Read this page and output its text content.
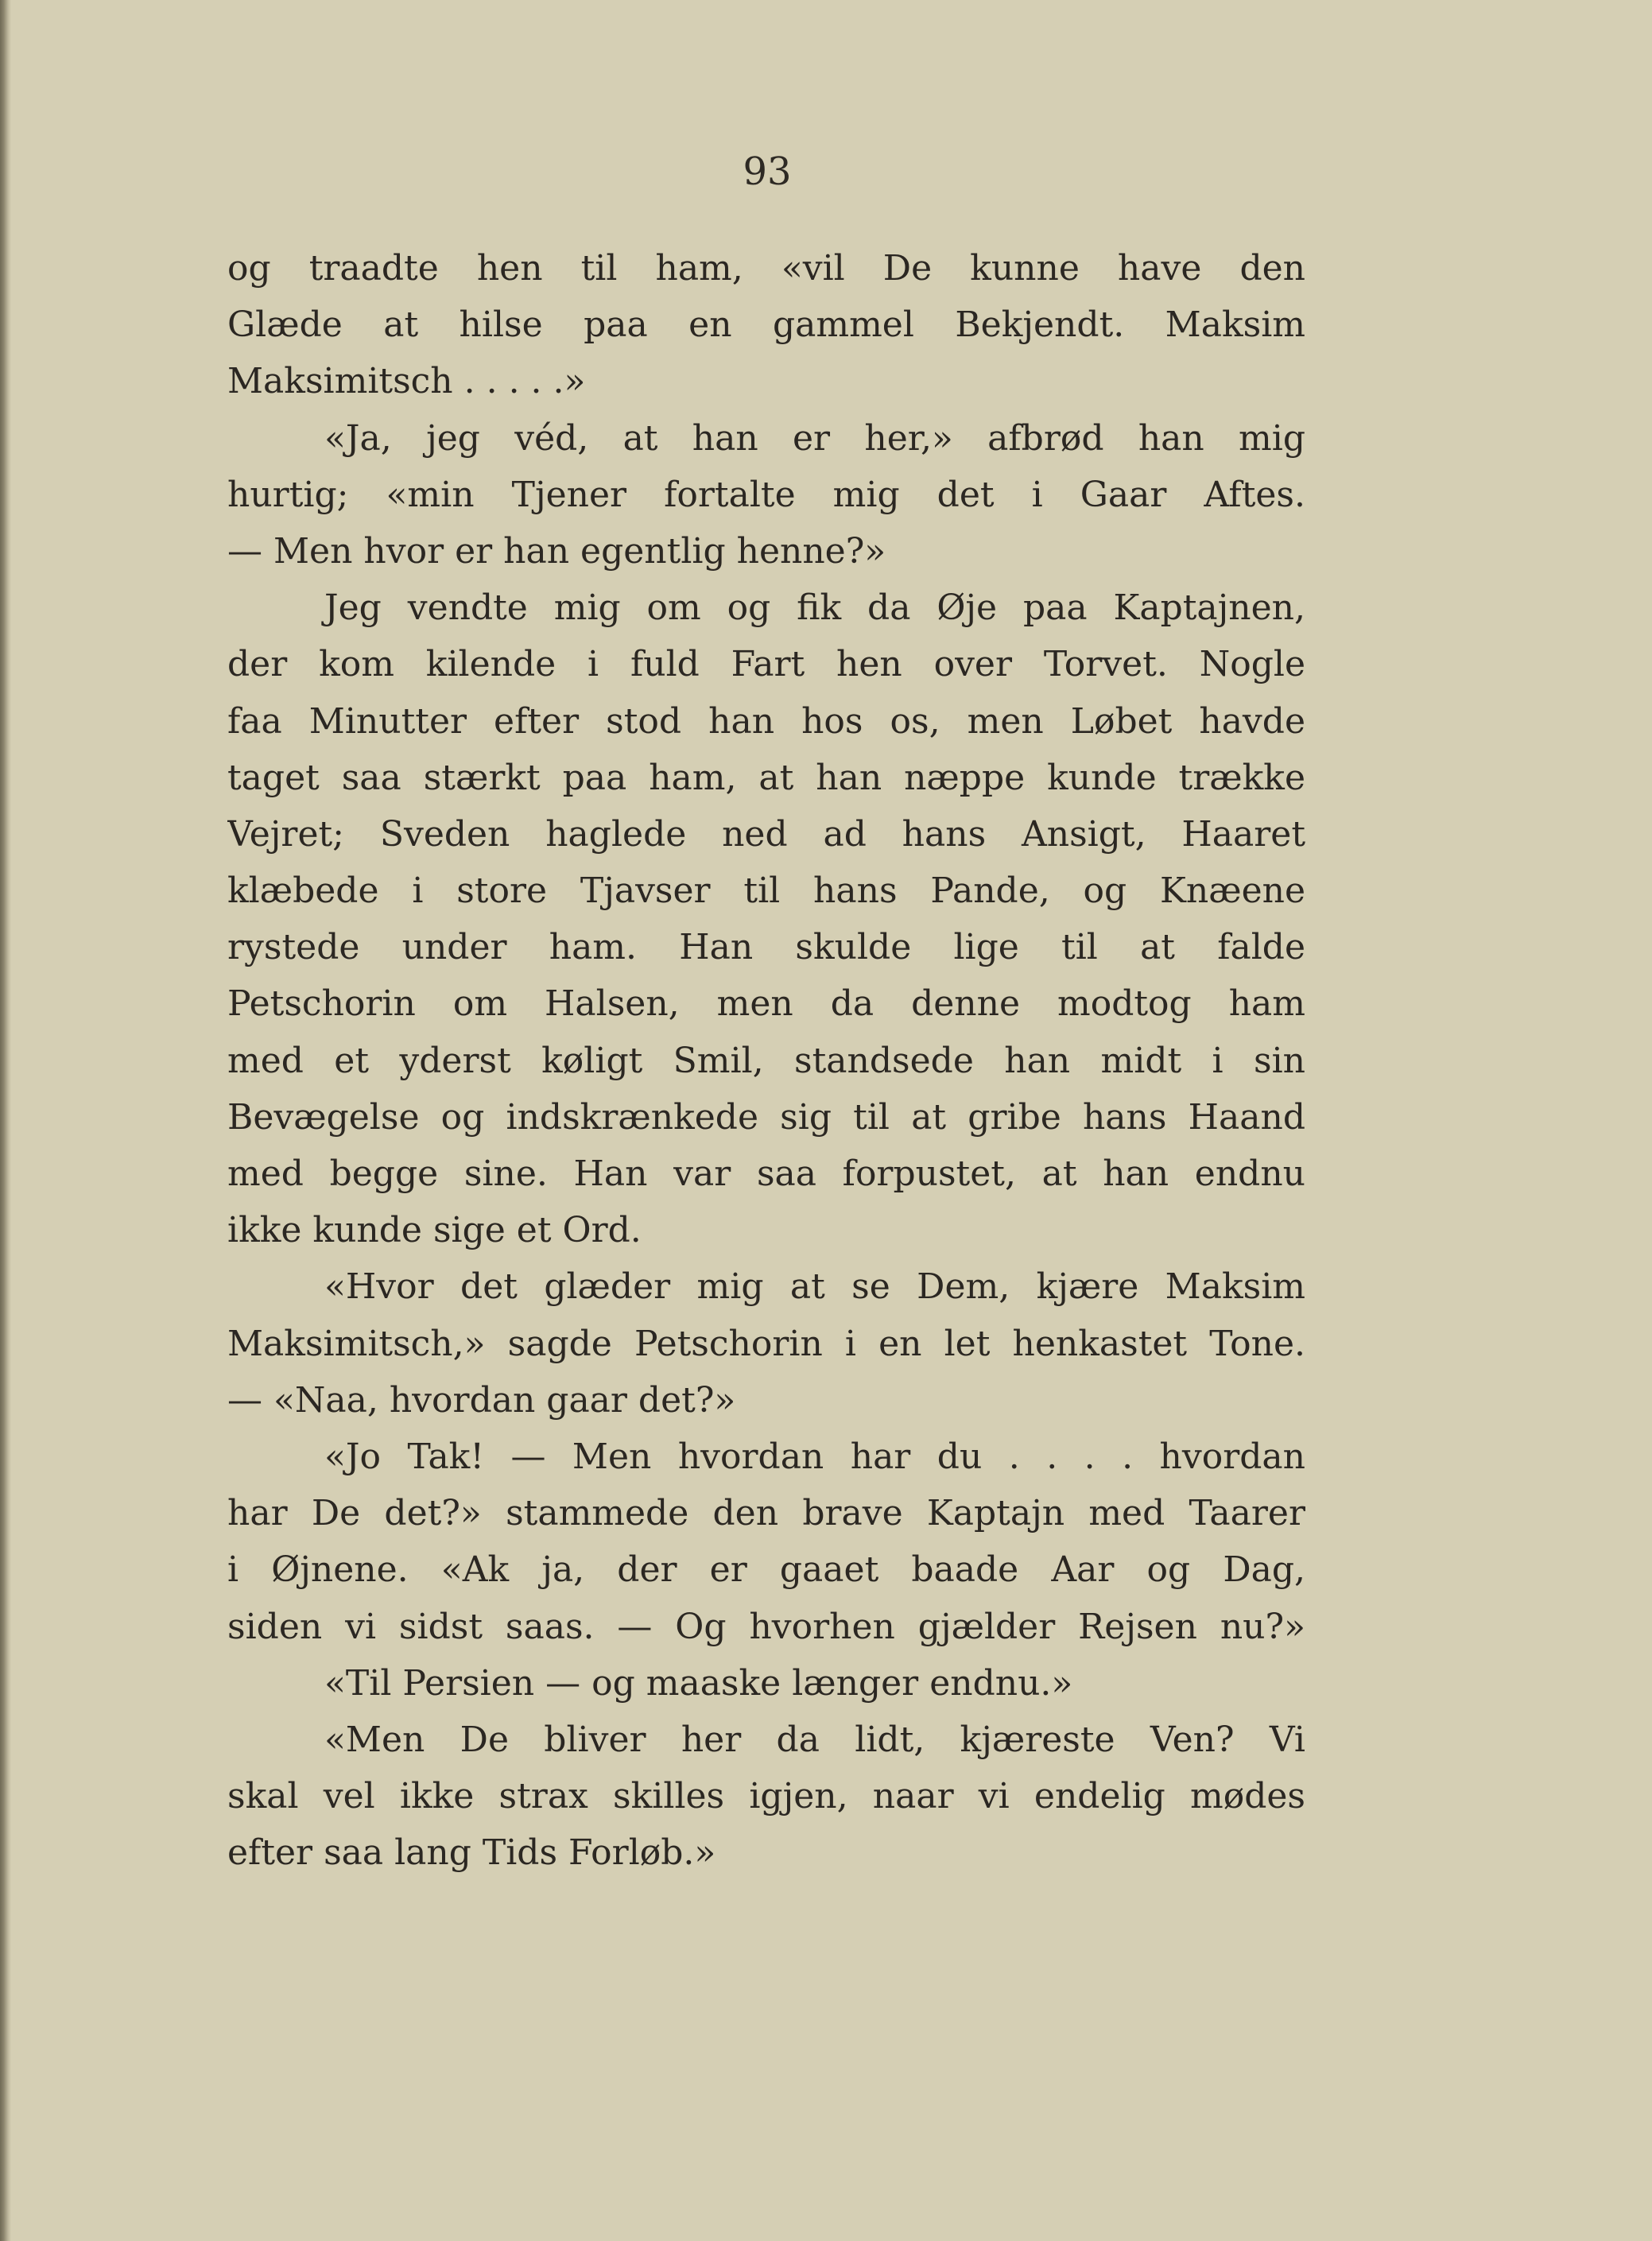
93
og traadte hen til ham, «vil De kunne have den
Glæde at hilse paa en gammel Bekjendt. Maksim
Maksimitsch . . . . .»
«Ja, jeg véd, at han er her,» afbrød han mig
hurtig; «min Tjener fortalte mig det i Gaar Aftes.
— Men hvor er han egentlig henne?»
Jeg vendte mig om og fik da Øje paa Kaptajnen,
der kom kilende i fuld Fart hen over Torvet. Nogle
faa Minutter efter stod han hos os, men Løbet havde
taget saa stærkt paa ham, at han næppe kunde trække
Vejret; Sveden haglede ned ad hans Ansigt, Haaret
klæbede i store Tjavser til hans Pande, og Knæene
rystede under ham. Han skulde lige til at falde
Petschorin om Halsen, men da denne modtog ham
med et yderst køligt Smil, standsede han midt i sin
Bevægelse og indskrænkede sig til at gribe hans Haand
med begge sine. Han var saa forpustet, at han endnu
ikke kunde sige et Ord.
«Hvor det glæder mig at se Dem, kjære Maksim
Maksimitsch,» sagde Petschorin i en let henkastet Tone.
— «Naa, hvordan gaar det?»
«Jo Tak! — Men hvordan har du . . . . hvordan
har De det?» stammede den brave Kaptajn med Taarer
i Øjnene. «Ak ja, der er gaaet baade Aar og Dag,
siden vi sidst saas. — Og hvorhen gjælder Rejsen nu?»
«Til Persien — og maaske længer endnu.»
«Men De bliver her da lidt, kjæreste Ven? Vi
skal vel ikke strax skilles igjen, naar vi endelig mødes
efter saa lang Tids Forløb.»
